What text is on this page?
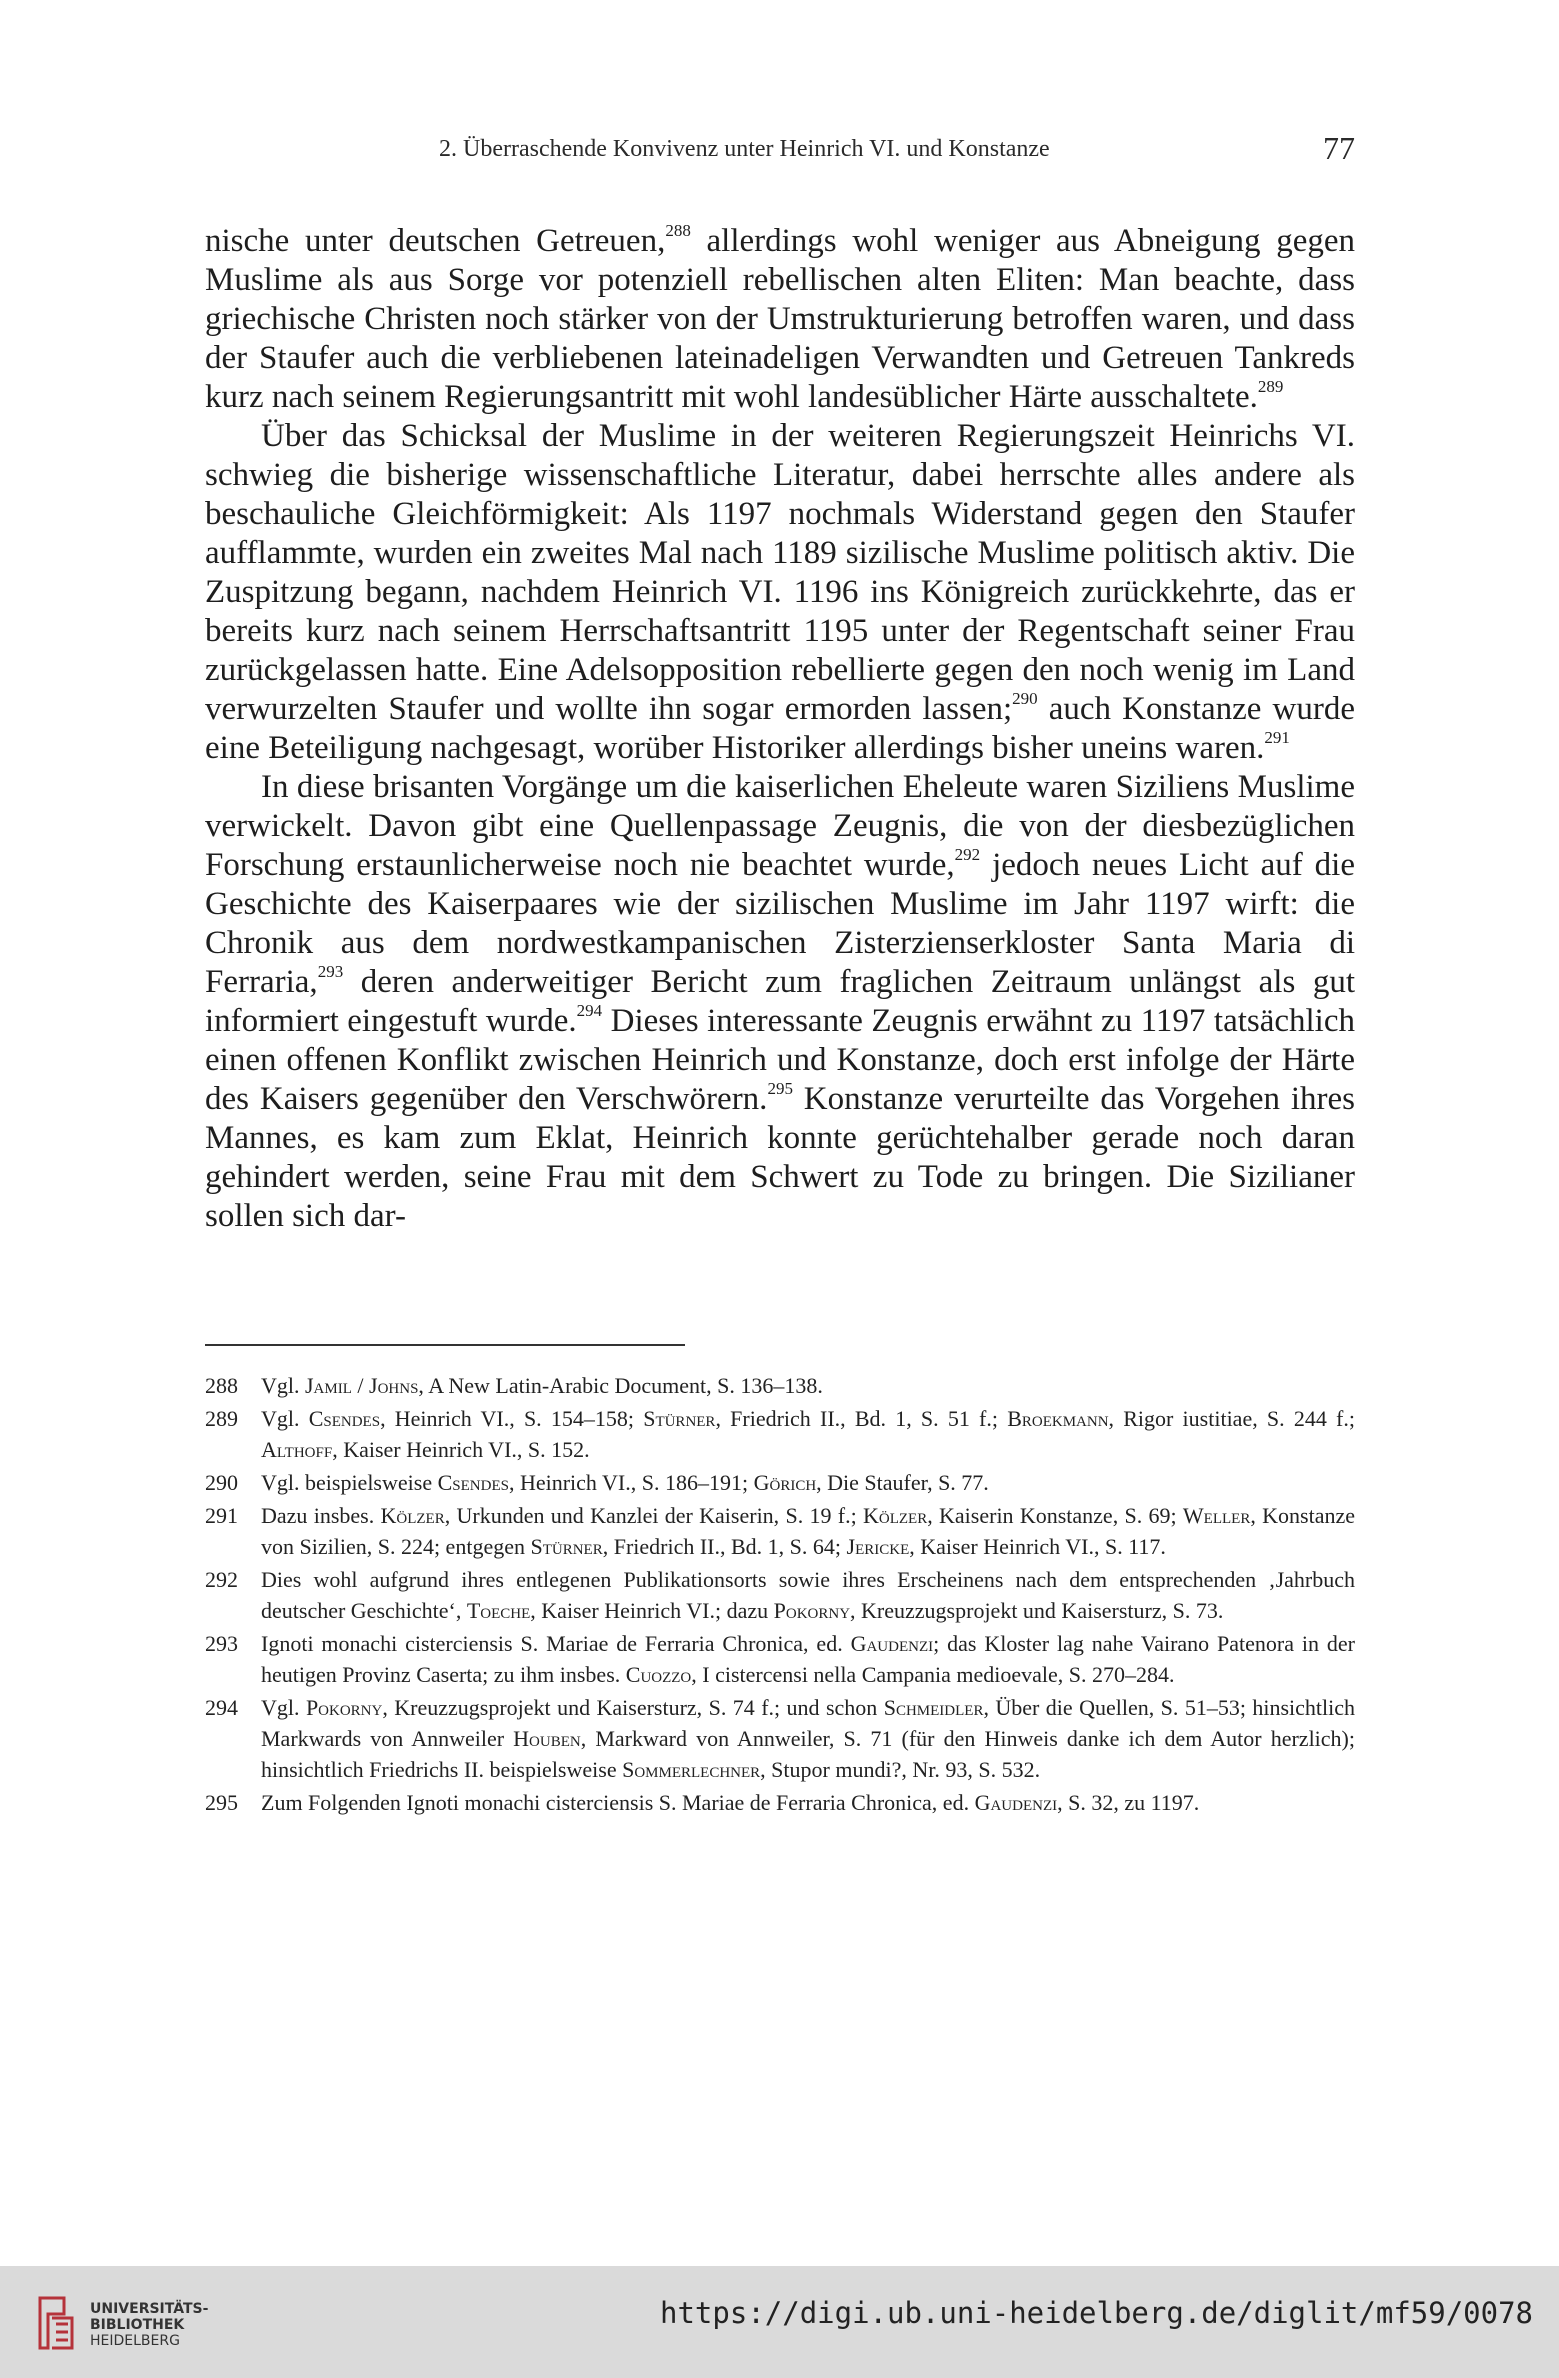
2. Überraschende Konvivenz unter Heinrich VI. und Konstanze	77

nische unter deutschen Getreuen,$^{288}$ allerdings wohl weniger aus Abneigung gegen Muslime als aus Sorge vor potenziell rebellischen alten Eliten: Man beachte, dass griechische Christen noch stärker von der Umstrukturierung betroffen waren, und dass der Staufer auch die verbliebenen lateinadeligen Verwandten und Getreuen Tankreds kurz nach seinem Regierungsantritt mit wohl landesüblicher Härte ausschaltete.$^{289}$

Über das Schicksal der Muslime in der weiteren Regierungszeit Heinrichs VI. schwieg die bisherige wissenschaftliche Literatur, dabei herrschte alles andere als beschauliche Gleichförmigkeit: Als 1197 nochmals Widerstand gegen den Staufer aufflammte, wurden ein zweites Mal nach 1189 sizilische Muslime politisch aktiv. Die Zuspitzung begann, nachdem Heinrich VI. 1196 ins Königreich zurückkehrte, das er bereits kurz nach seinem Herrschaftsantritt 1195 unter der Regentschaft seiner Frau zurückgelassen hatte. Eine Adelsopposition rebellierte gegen den noch wenig im Land verwurzelten Staufer und wollte ihn sogar ermorden lassen;$^{290}$ auch Konstanze wurde eine Beteiligung nachgesagt, worüber Historiker allerdings bisher uneins waren.$^{291}$

In diese brisanten Vorgänge um die kaiserlichen Eheleute waren Siziliens Muslime verwickelt. Davon gibt eine Quellenpassage Zeugnis, die von der diesbezüglichen Forschung erstaunlicherweise noch nie beachtet wurde,$^{292}$ jedoch neues Licht auf die Geschichte des Kaiserpaares wie der sizilischen Muslime im Jahr 1197 wirft: die Chronik aus dem nordwestkampanischen Zisterzienserkloster Santa Maria di Ferraria,$^{293}$ deren anderweitiger Bericht zum fraglichen Zeitraum unlängst als gut informiert eingestuft wurde.$^{294}$ Dieses interessante Zeugnis erwähnt zu 1197 tatsächlich einen offenen Konflikt zwischen Heinrich und Konstanze, doch erst infolge der Härte des Kaisers gegenüber den Verschwörern.$^{295}$ Konstanze verurteilte das Vorgehen ihres Mannes, es kam zum Eklat, Heinrich konnte gerüchtehalber gerade noch daran gehindert werden, seine Frau mit dem Schwert zu Tode zu bringen. Die Sizilianer sollen sich dar-

288 Vgl. Jamil / Johns, A New Latin-Arabic Document, S. 136–138.
289 Vgl. Csendes, Heinrich VI., S. 154–158; Stürner, Friedrich II., Bd. 1, S. 51 f.; Broekmann, Rigor iustitiae, S. 244 f.; Althoff, Kaiser Heinrich VI., S. 152.
290 Vgl. beispielsweise Csendes, Heinrich VI., S. 186–191; Görich, Die Staufer, S. 77.
291 Dazu insbes. Kölzer, Urkunden und Kanzlei der Kaiserin, S. 19 f.; Kölzer, Kaiserin Konstanze, S. 69; Weller, Konstanze von Sizilien, S. 224; entgegen Stürner, Friedrich II., Bd. 1, S. 64; Jericke, Kaiser Heinrich VI., S. 117.
292 Dies wohl aufgrund ihres entlegenen Publikationsorts sowie ihres Erscheinens nach dem entsprechenden ‚Jahrbuch deutscher Geschichte‘, Toeche, Kaiser Heinrich VI.; dazu Pokorny, Kreuzzugsprojekt und Kaisersturz, S. 73.
293 Ignoti monachi cisterciensis S. Mariae de Ferraria Chronica, ed. Gaudenzi; das Kloster lag nahe Vairano Patenora in der heutigen Provinz Caserta; zu ihm insbes. Cuozzo, I cistercensi nella Campania medioevale, S. 270–284.
294 Vgl. Pokorny, Kreuzzugsprojekt und Kaisersturz, S. 74 f.; und schon Schmeidler, Über die Quellen, S. 51–53; hinsichtlich Markwards von Annweiler Houben, Markward von Annweiler, S. 71 (für den Hinweis danke ich dem Autor herzlich); hinsichtlich Friedrichs II. beispielsweise Sommerlechner, Stupor mundi?, Nr. 93, S. 532.
295 Zum Folgenden Ignoti monachi cisterciensis S. Mariae de Ferraria Chronica, ed. Gaudenzi, S. 32, zu 1197.
UNIVERSITÄTS-
BIBLIOTHEK
HEIDELBERG
https://digi.ub.uni-heidelberg.de/diglit/mf59/0078
